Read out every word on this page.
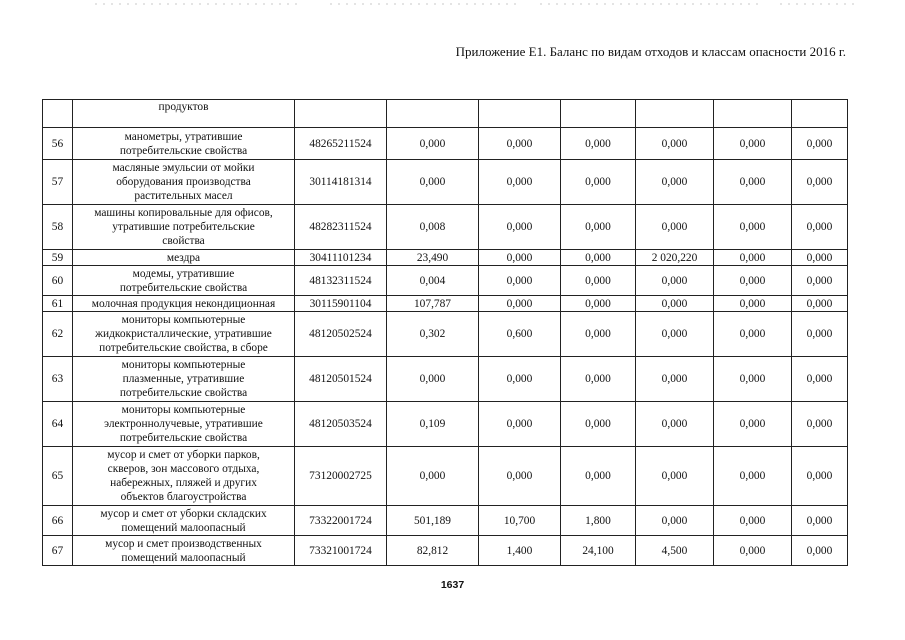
Приложение Е1. Баланс по видам отходов и классам опасности 2016 г.
	продуктов							
56	манометры, утратившие
потребительские свойства	48265211524	0,000	0,000	0,000	0,000	0,000	0,000
57	масляные эмульсии от мойки
оборудования производства
растительных масел	30114181314	0,000	0,000	0,000	0,000	0,000	0,000
58	машины копировальные для офисов,
утратившие потребительские
свойства	48282311524	0,008	0,000	0,000	0,000	0,000	0,000
59	мездра	30411101234	23,490	0,000	0,000	2 020,220	0,000	0,000
60	модемы, утратившие
потребительские свойства	48132311524	0,004	0,000	0,000	0,000	0,000	0,000
61	молочная продукция некондиционная	30115901104	107,787	0,000	0,000	0,000	0,000	0,000
62	мониторы компьютерные
жидкокристаллические, утратившие
потребительские свойства, в сборе	48120502524	0,302	0,600	0,000	0,000	0,000	0,000
63	мониторы компьютерные
плазменные, утратившие
потребительские свойства	48120501524	0,000	0,000	0,000	0,000	0,000	0,000
64	мониторы компьютерные
электроннолучевые, утратившие
потребительские свойства	48120503524	0,109	0,000	0,000	0,000	0,000	0,000
65	мусор и смет от уборки парков,
скверов, зон массового отдыха,
набережных, пляжей и других
объектов благоустройства	73120002725	0,000	0,000	0,000	0,000	0,000	0,000
66	мусор и смет от уборки складских
помещений малоопасный	73322001724	501,189	10,700	1,800	0,000	0,000	0,000
67	мусор и смет производственных
помещений малоопасный	73321001724	82,812	1,400	24,100	4,500	0,000	0,000
1637
